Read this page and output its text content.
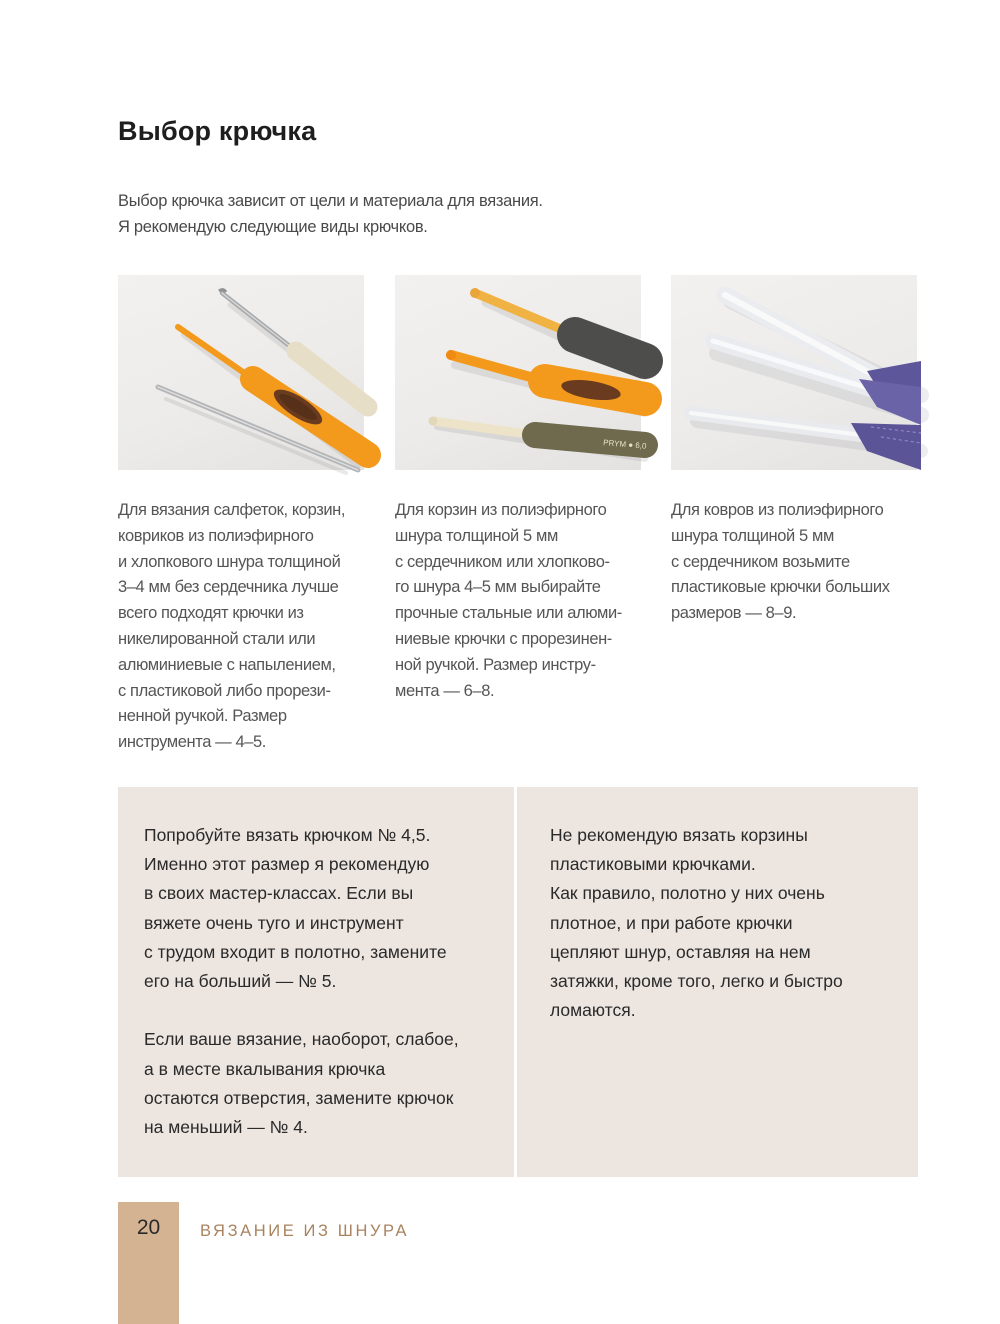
Выбор крючка
Выбор крючка зависит от цели и материала для вязания.
Я рекомендую следующие виды крючков.
PRYM ● 6,0
Для вязания салфеток, корзин,
ковриков из полиэфирного
и хлопкового шнура толщиной
3–4 мм без сердечника лучше
всего подходят крючки из
никелированной стали или
алюминиевые с напылением,
с пластиковой либо прорези-
ненной ручкой. Размер
инструмента — 4–5.
Для корзин из полиэфирного
шнура толщиной 5 мм
с сердечником или хлопково-
го шнура 4–5 мм выбирайте
прочные стальные или алюми-
ниевые крючки с прорезинен-
ной ручкой. Размер инстру-
мента — 6–8.
Для ковров из полиэфирного
шнура толщиной 5 мм
с сердечником возьмите
пластиковые крючки больших
размеров — 8–9.
Попробуйте вязать крючком № 4,5.
Именно этот размер я рекомендую
в своих мастер-классах. Если вы
вяжете очень туго и инструмент
с трудом входит в полотно, замените
его на больший — № 5.
Если ваше вязание, наоборот, слабое,
а в месте вкалывания крючка
остаются отверстия, замените крючок
на меньший — № 4.
Не рекомендую вязать корзины
пластиковыми крючками.
Как правило, полотно у них очень
плотное, и при работе крючки
цепляют шнур, оставляя на нем
затяжки, кроме того, легко и быстро
ломаются.
20	ВЯЗАНИЕ ИЗ ШНУРА
